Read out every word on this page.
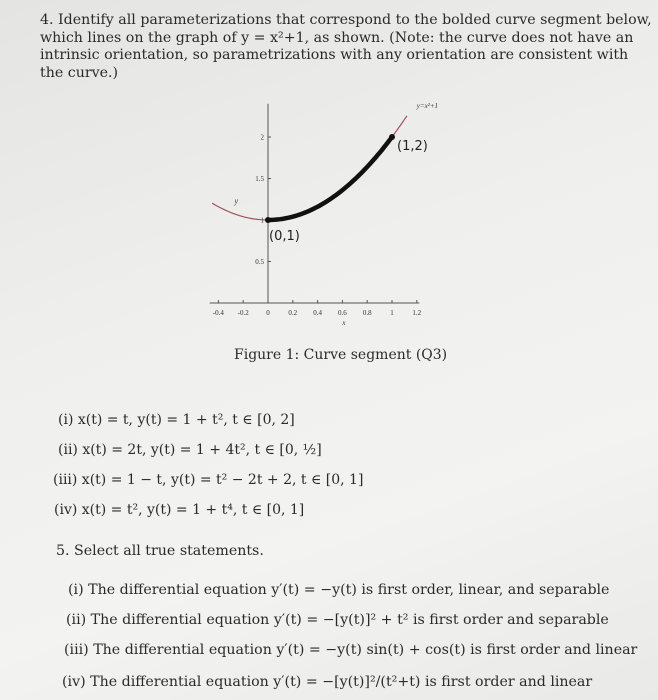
4. Identify all parameterizations that correspond to the bolded curve segment below, which lines on the graph of y = x²+1, as shown. (Note: the curve does not have an intrinsic orientation, so parametrizations with any orientation are consistent with the curve.)

-0.4 -0.2	0	0.2 0.4 0.6 0.8	1	1.2
0.5
1
1.5
2
(0,1)
(1,2)
y=x²+1
x
y

Figure 1: Curve segment (Q3)

(i) x(t) = t, y(t) = 1 + t², t ∈ [0, 2]

(ii) x(t) = 2t, y(t) = 1 + 4t², t ∈ [0, ½]

(iii) x(t) = 1 − t, y(t) = t² − 2t + 2, t ∈ [0, 1]

(iv) x(t) = t², y(t) = 1 + t⁴, t ∈ [0, 1]

5. Select all true statements.

(i) The differential equation y′(t) = −y(t) is first order, linear, and separable

(ii) The differential equation y′(t) = −[y(t)]² + t² is first order and separable

(iii) The differential equation y′(t) = −y(t) sin(t) + cos(t) is first order and linear

(iv) The differential equation y′(t) = −[y(t)]²/(t²+t) is first order and linear
